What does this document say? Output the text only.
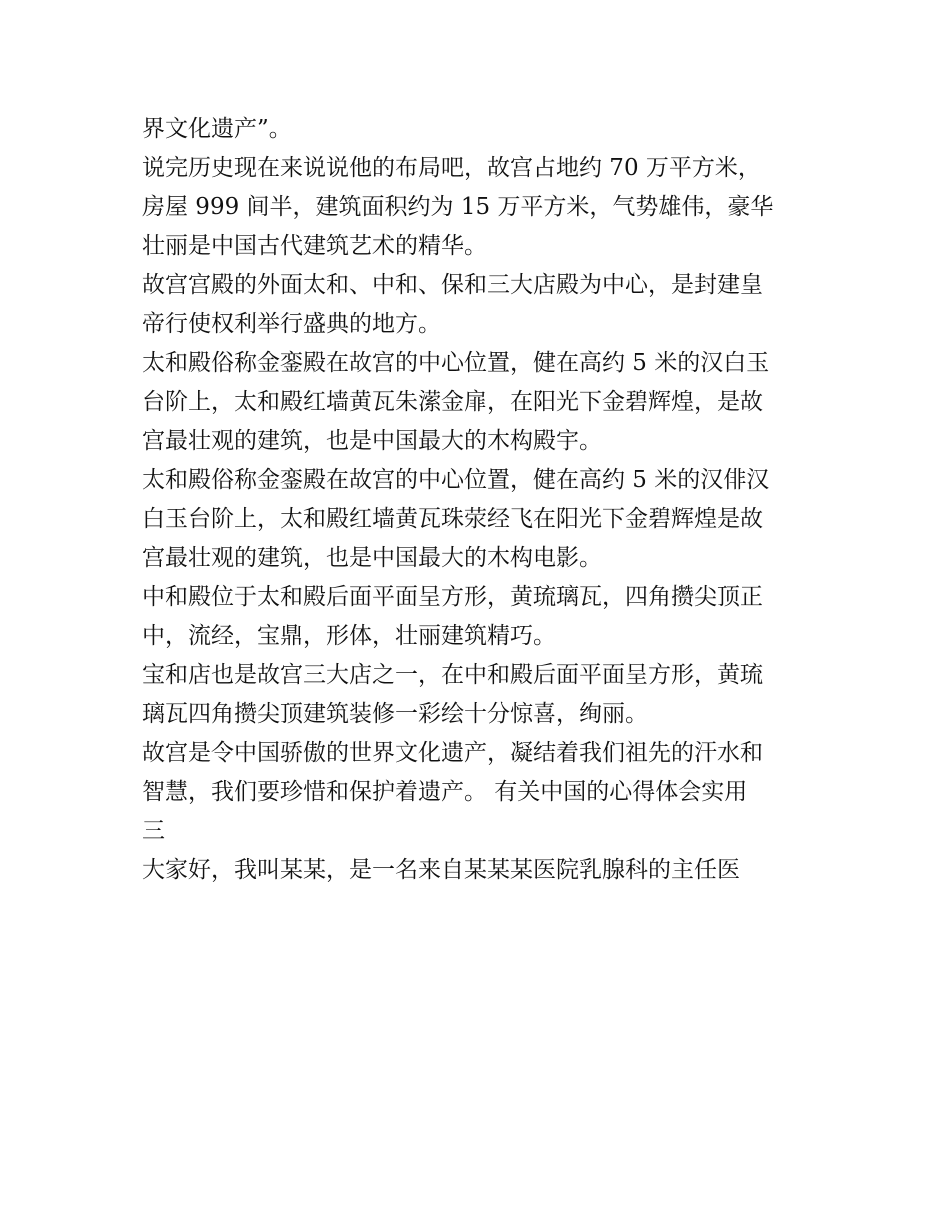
界文化遗产”。
说完历史现在来说说他的布局吧，故宫占地约 70 万平方米，
房屋 999 间半，建筑面积约为 15 万平方米，气势雄伟，豪华
壮丽是中国古代建筑艺术的精华。
故宫宫殿的外面太和、中和、保和三大店殿为中心，是封建皇
帝行使权利举行盛典的地方。
太和殿俗称金銮殿在故宫的中心位置，健在高约 5 米的汉白玉
台阶上，太和殿红墙黄瓦朱潆金扉，在阳光下金碧辉煌，是故
宫最壮观的建筑，也是中国最大的木构殿宇。
太和殿俗称金銮殿在故宫的中心位置，健在高约 5 米的汉俳汉
白玉台阶上，太和殿红墙黄瓦珠荥经飞在阳光下金碧辉煌是故
宫最壮观的建筑，也是中国最大的木构电影。
中和殿位于太和殿后面平面呈方形，黄琉璃瓦，四角攒尖顶正
中，流经，宝鼎，形体，壮丽建筑精巧。
宝和店也是故宫三大店之一，在中和殿后面平面呈方形，黄琉
璃瓦四角攒尖顶建筑装修一彩绘十分惊喜，绚丽。
故宫是令中国骄傲的世界文化遗产，凝结着我们祖先的汗水和
智慧，我们要珍惜和保护着遗产。 有关中国的心得体会实用
三
大家好，我叫某某，是一名来自某某某医院乳腺科的主任医
